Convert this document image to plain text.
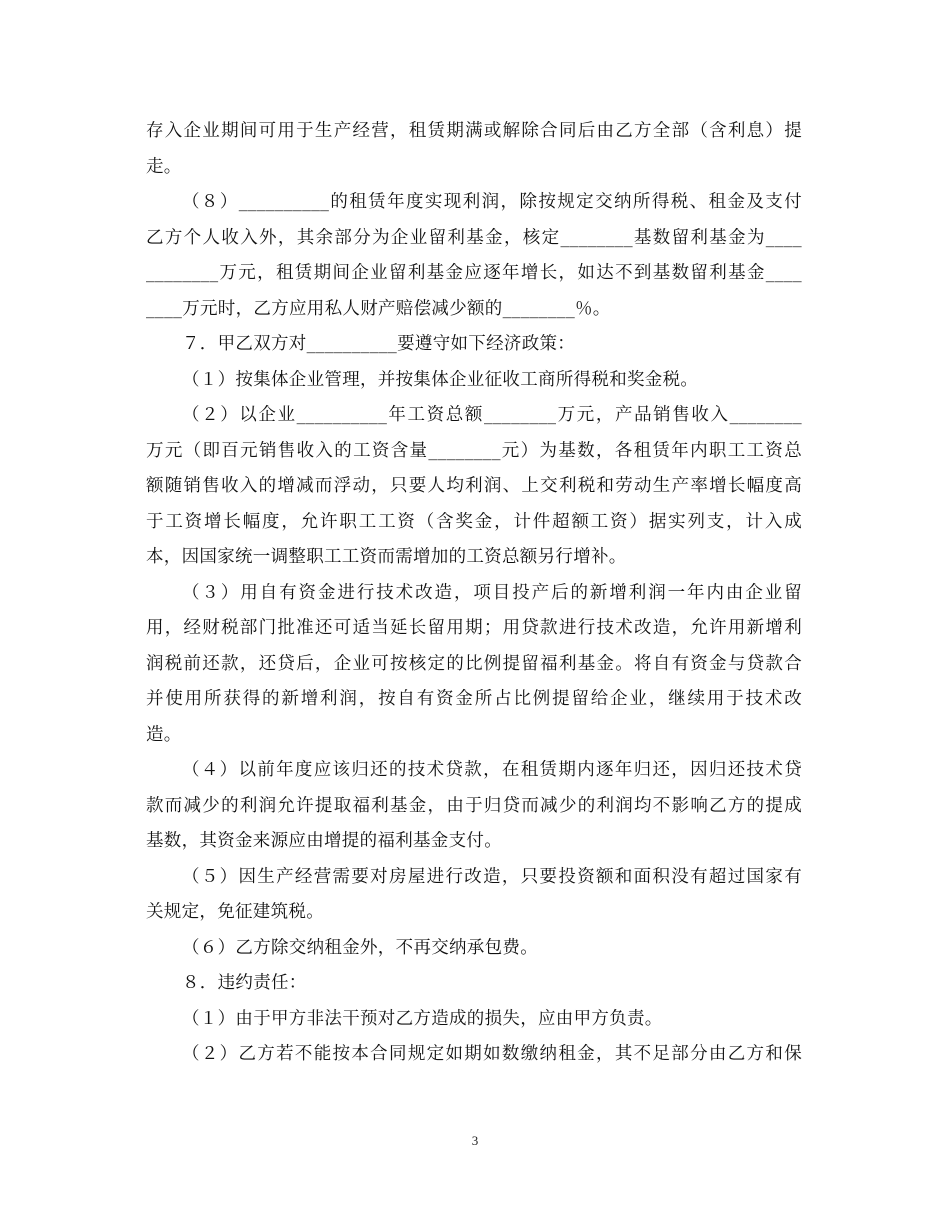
存入企业期间可用于生产经营，租赁期满或解除合同后由乙方全部（含利息）提
走。
（８）__________的租赁年度实现利润，除按规定交纳所得税、租金及支付
乙方个人收入外，其余部分为企业留利基金，核定________基数留利基金为____
________万元，租赁期间企业留利基金应逐年增长，如达不到基数留利基金____
____万元时，乙方应用私人财产赔偿减少额的________％。
７．甲乙双方对__________要遵守如下经济政策：
（１）按集体企业管理，并按集体企业征收工商所得税和奖金税。
（２）以企业__________年工资总额________万元，产品销售收入________
万元（即百元销售收入的工资含量________元）为基数，各租赁年内职工工资总
额随销售收入的增减而浮动，只要人均利润、上交利税和劳动生产率增长幅度高
于工资增长幅度，允许职工工资（含奖金，计件超额工资）据实列支，计入成
本，因国家统一调整职工工资而需增加的工资总额另行增补。
（３）用自有资金进行技术改造，项目投产后的新增利润一年内由企业留
用，经财税部门批准还可适当延长留用期；用贷款进行技术改造，允许用新增利
润税前还款，还贷后，企业可按核定的比例提留福利基金。将自有资金与贷款合
并使用所获得的新增利润，按自有资金所占比例提留给企业，继续用于技术改
造。
（４）以前年度应该归还的技术贷款，在租赁期内逐年归还，因归还技术贷
款而减少的利润允许提取福利基金，由于归贷而减少的利润均不影响乙方的提成
基数，其资金来源应由增提的福利基金支付。
（５）因生产经营需要对房屋进行改造，只要投资额和面积没有超过国家有
关规定，免征建筑税。
（６）乙方除交纳租金外，不再交纳承包费。
８．违约责任：
（１）由于甲方非法干预对乙方造成的损失，应由甲方负责。
（２）乙方若不能按本合同规定如期如数缴纳租金，其不足部分由乙方和保
3
